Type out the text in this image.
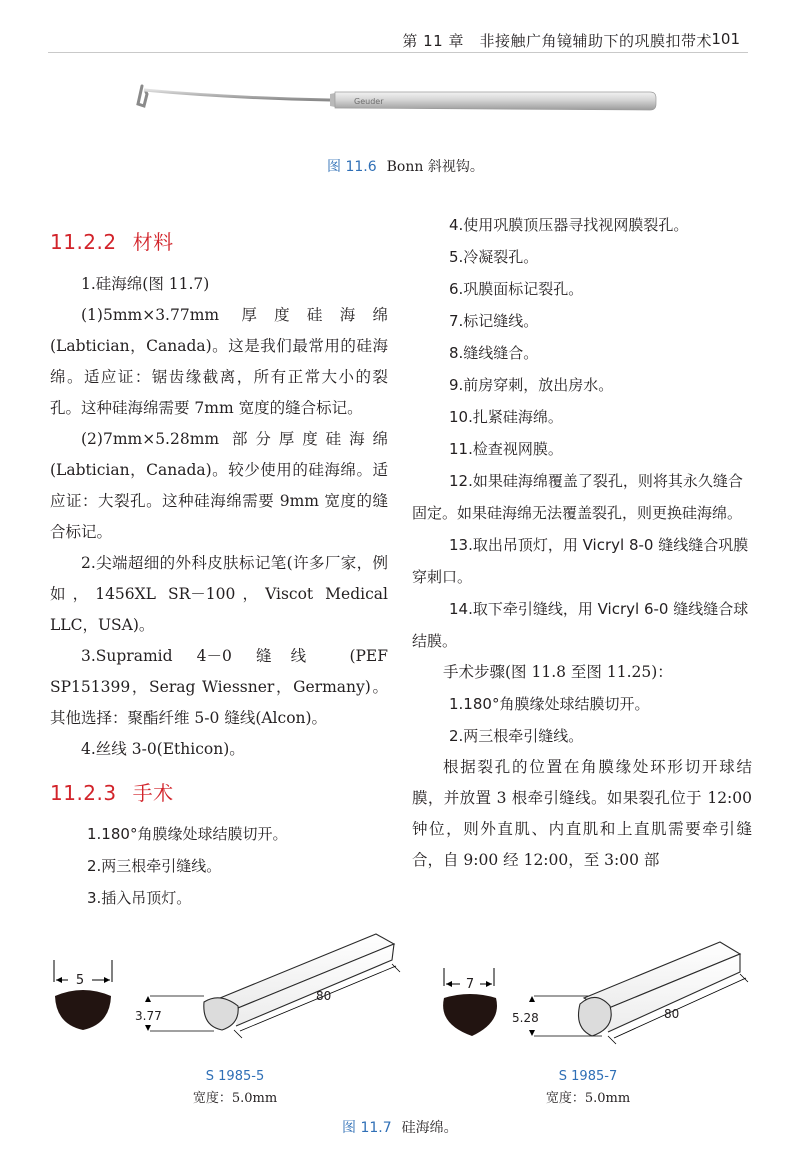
第 11 章　非接触广角镜辅助下的巩膜扣带术 101
Geuder
图 11.6 Bonn 斜视钩。
11.2.2 材料

1.硅海绵(图 11.7)

(1)5mm×3.77mm 厚度硅海绵(Labtician，Canada)。这是我们最常用的硅海绵。适应证：锯齿缘截离，所有正常大小的裂孔。这种硅海绵需要 7mm 宽度的缝合标记。

(2)7mm×5.28mm 部分厚度硅海绵(Labtician，Canada)。较少使用的硅海绵。适应证：大裂孔。这种硅海绵需要 9mm 宽度的缝合标记。

2.尖端超细的外科皮肤标记笔(许多厂家，例如，1456XL SR－100，Viscot Medical LLC，USA)。

3.Supramid 4－0 缝线 (PEF SP151399，Serag Wiessner，Germany)。其他选择：聚酯纤维 5-0 缝线(Alcon)。

4.丝线 3-0(Ethicon)。

11.2.3 手术
1.180°角膜缘处球结膜切开。
2.两三根牵引缝线。
3.插入吊顶灯。
4.使用巩膜顶压器寻找视网膜裂孔。
5.冷凝裂孔。
6.巩膜面标记裂孔。
7.标记缝线。
8.缝线缝合。
9.前房穿刺，放出房水。
10.扎紧硅海绵。
11.检查视网膜。
12.如果硅海绵覆盖了裂孔，则将其永久缝合固定。如果硅海绵无法覆盖裂孔，则更换硅海绵。
13.取出吊顶灯，用 Vicryl 8-0 缝线缝合巩膜穿刺口。
14.取下牵引缝线，用 Vicryl 6-0 缝线缝合球结膜。

手术步骤(图 11.8 至图 11.25)：

1.180°角膜缘处球结膜切开。
2.两三根牵引缝线。

根据裂孔的位置在角膜缘处环形切开球结膜，并放置 3 根牵引缝线。如果裂孔位于 12:00 钟位，则外直肌、内直肌和上直肌需要牵引缝合，自 9:00 经 12:00，至 3:00 部

5
3.77
80
S 1985-5
宽度：5.0mm
7
5.28	80
S 1985-7
宽度：5.0mm
图 11.7 硅海绵。
